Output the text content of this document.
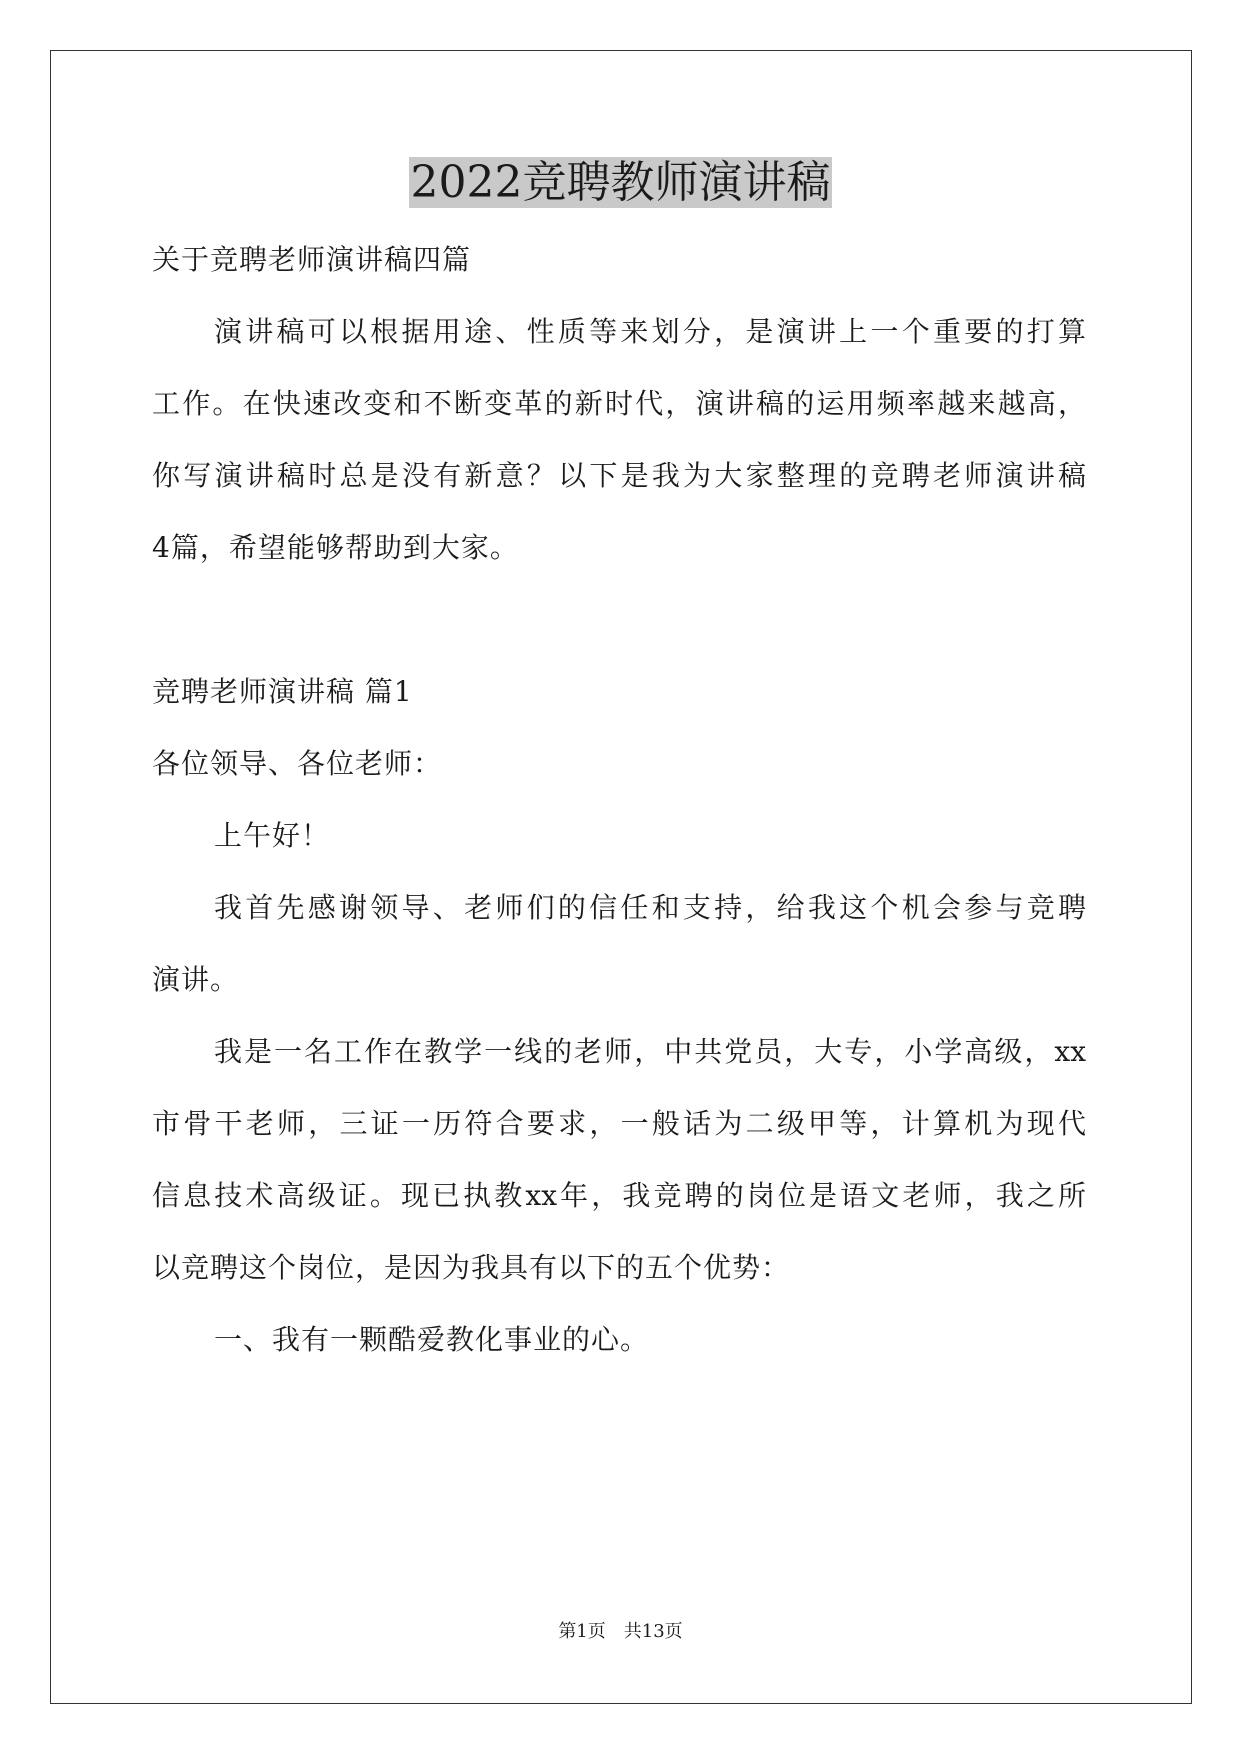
2022竞聘教师演讲稿
关于竞聘老师演讲稿四篇
演讲稿可以根据用途、性质等来划分，是演讲上一个重要的打算
工作。在快速改变和不断变革的新时代，演讲稿的运用频率越来越高，
你写演讲稿时总是没有新意？以下是我为大家整理的竞聘老师演讲稿
4篇，希望能够帮助到大家。
竞聘老师演讲稿 篇1
各位领导、各位老师：
上午好！
我首先感谢领导、老师们的信任和支持，给我这个机会参与竞聘
演讲。
我是一名工作在教学一线的老师，中共党员，大专，小学高级，xx
市骨干老师，三证一历符合要求，一般话为二级甲等，计算机为现代
信息技术高级证。现已执教xx年，我竞聘的岗位是语文老师，我之所
以竞聘这个岗位，是因为我具有以下的五个优势：
一、我有一颗酷爱教化事业的心。
第1页　共13页
